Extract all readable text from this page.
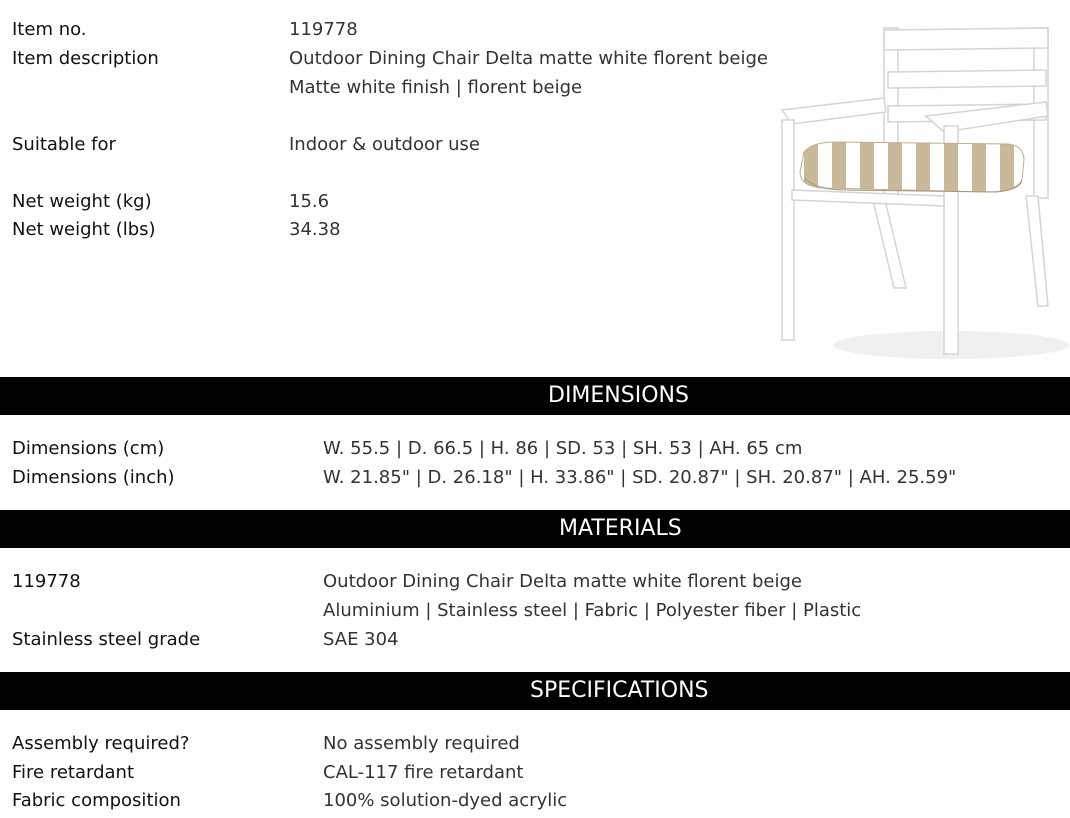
Item no.	119778
Item description	Outdoor Dining Chair Delta matte white florent beige
Matte white finish | florent beige
Suitable for	Indoor & outdoor use
Net weight (kg)	15.6
Net weight (lbs)	34.38
DIMENSIONS
Dimensions (cm)	W. 55.5 | D. 66.5 | H. 86 | SD. 53 | SH. 53 | AH. 65 cm
Dimensions (inch)	W. 21.85" | D. 26.18" | H. 33.86" | SD. 20.87" | SH. 20.87" | AH. 25.59"
MATERIALS
119778	Outdoor Dining Chair Delta matte white florent beige
Aluminium | Stainless steel | Fabric | Polyester fiber | Plastic
Stainless steel grade	SAE 304
SPECIFICATIONS
Assembly required?	No assembly required
Fire retardant	CAL-117 fire retardant
Fabric composition	100% solution-dyed acrylic
